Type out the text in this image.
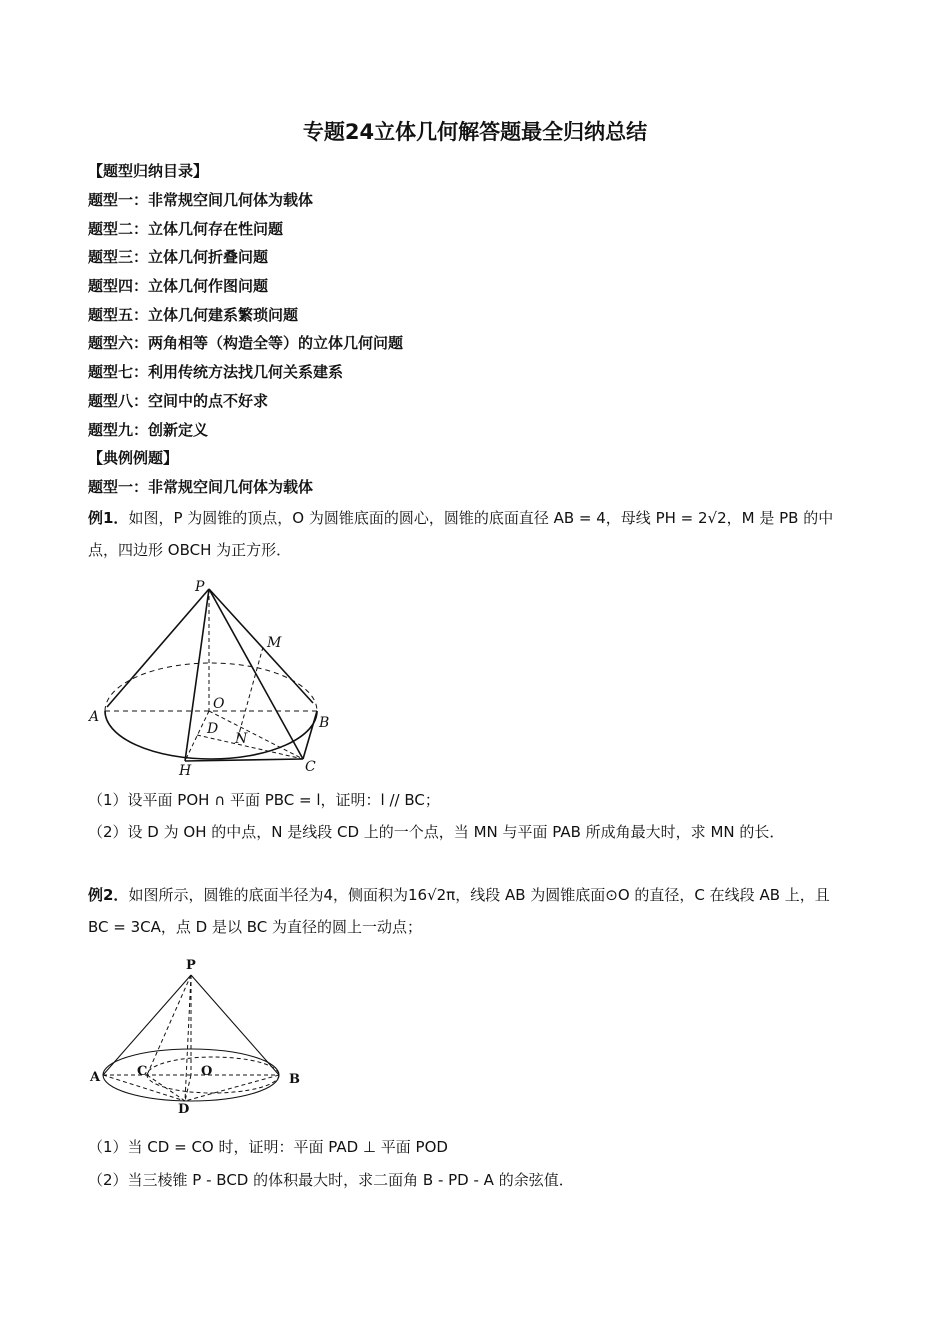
专题24立体几何解答题最全归纳总结
【题型归纳目录】
题型一：非常规空间几何体为载体
题型二：立体几何存在性问题
题型三：立体几何折叠问题
题型四：立体几何作图问题
题型五：立体几何建系繁琐问题
题型六：两角相等（构造全等）的立体几何问题
题型七：利用传统方法找几何关系建系
题型八：空间中的点不好求
题型九：创新定义
【典例例题】
题型一：非常规空间几何体为载体
例1．如图，P 为圆锥的顶点，O 为圆锥底面的圆心，圆锥的底面直径 AB = 4，母线 PH = 2√2，M 是 PB 的中点，四边形 OBCH 为正方形．
P
M
O
A	B
D
N
H	C
（1）设平面 POH ∩ 平面 PBC = l，证明：l // BC；
（2）设 D 为 OH 的中点，N 是线段 CD 上的一个点，当 MN 与平面 PAB 所成角最大时，求 MN 的长．
例2．如图所示，圆锥的底面半径为4，侧面积为16√2π，线段 AB 为圆锥底面⊙O 的直径，C 在线段 AB 上，且 BC = 3CA，点 D 是以 BC 为直径的圆上一动点；
P
A	C	O
B
D
（1）当 CD = CO 时，证明：平面 PAD ⊥ 平面 POD
（2）当三棱锥 P - BCD 的体积最大时，求二面角 B - PD - A 的余弦值．
